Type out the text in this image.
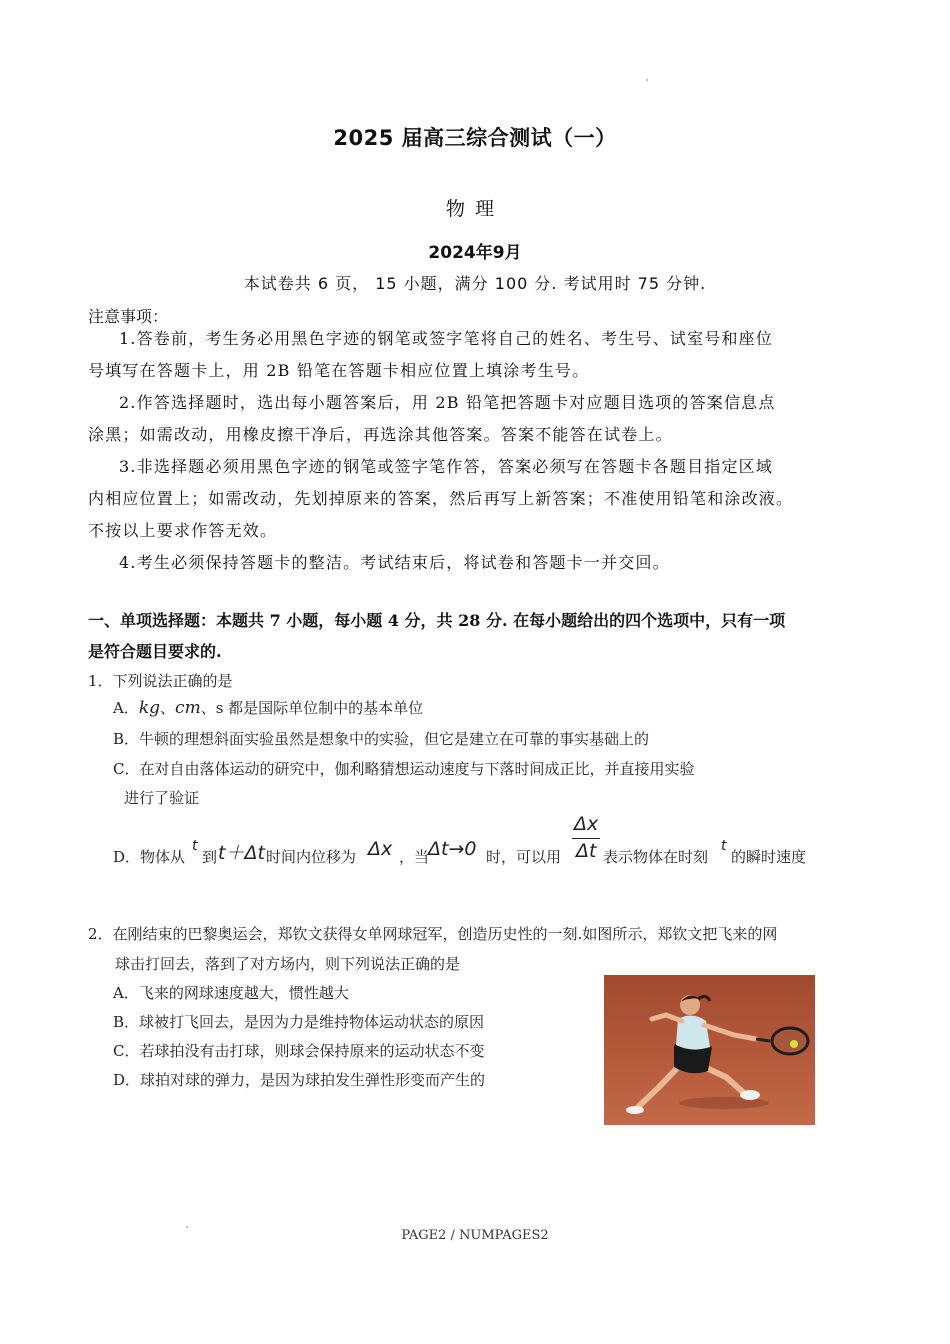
2025 届高三综合测试（一）
物理
2024年9月
本试卷共 6 页， 15 小题，满分 100 分. 考试用时 75 分钟.
注意事项：
1.答卷前，考生务必用黑色字迹的钢笔或签字笔将自己的姓名、考生号、试室号和座位
号填写在答题卡上，用 2B 铅笔在答题卡相应位置上填涂考生号。
2.作答选择题时，选出每小题答案后，用 2B 铅笔把答题卡对应题目选项的答案信息点
涂黑；如需改动，用橡皮擦干净后，再选涂其他答案。答案不能答在试卷上。
3.非选择题必须用黑色字迹的钢笔或签字笔作答，答案必须写在答题卡各题目指定区域
内相应位置上；如需改动，先划掉原来的答案，然后再写上新答案；不准使用铅笔和涂改液。
不按以上要求作答无效。
4.考生必须保持答题卡的整洁。考试结束后，将试卷和答题卡一并交回。
一、单项选择题：本题共 7 小题，每小题 4 分，共 28 分. 在每小题给出的四个选项中，只有一项
是符合题目要求的.
1．下列说法正确的是
A．kg、cm、s 都是国际单位制中的基本单位
B．牛顿的理想斜面实验虽然是想象中的实验，但它是建立在可靠的事实基础上的
C．在对自由落体运动的研究中，伽利略猜想运动速度与下落时间成正比，并直接用实验
进行了验证
D．物体从
t
到 t＋Δt 时间内位移为 Δx ，当
Δt→0 时，可以用
Δx
Δt 表示物体在时刻
t
的瞬时速度
2．在刚结束的巴黎奥运会，郑钦文获得女单网球冠军，创造历史性的一刻.如图所示，郑钦文把飞来的网
球击打回去，落到了对方场内，则下列说法正确的是
A．飞来的网球速度越大，惯性越大
B．球被打飞回去，是因为力是维持物体运动状态的原因
C．若球拍没有击打球，则球会保持原来的运动状态不变
D．球拍对球的弹力，是因为球拍发生弹性形变而产生的
PAGE2 / NUMPAGES2
